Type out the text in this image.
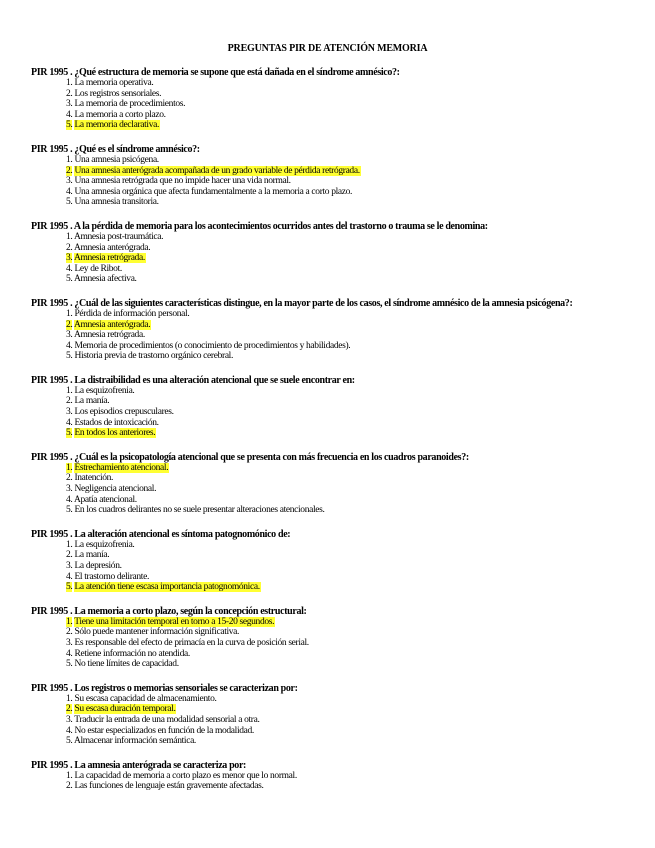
PREGUNTAS PIR DE ATENCIÓN MEMORIA

PIR 1995 . ¿Qué estructura de memoria se supone que está dañada en el síndrome amnésico?:

1. La memoria operativa.
2. Los registros sensoriales.
3. La memoria de procedimientos.
4. La memoria a corto plazo.
5. La memoria declarativa.

PIR 1995 . ¿Qué es el síndrome amnésico?:

1. Una amnesia psicógena.
2. Una amnesia anterógrada acompañada de un grado variable de pérdida retrógrada.
3. Una amnesia retrógrada que no impide hacer una vida normal.
4. Una amnesia orgánica que afecta fundamentalmente a la memoria a corto plazo.
5. Una amnesia transitoria.

PIR 1995 . A la pérdida de memoria para los acontecimientos ocurridos antes del trastorno o trauma se le denomina:

1. Amnesia post-traumática.
2. Amnesia anterógrada.
3. Amnesia retrógrada.
4. Ley de Ribot.
5. Amnesia afectiva.

PIR 1995 . ¿Cuál de las siguientes características distingue, en la mayor parte de los casos, el síndrome amnésico de la amnesia psicógena?:

1. Pérdida de información personal.
2. Amnesia anterógrada.
3. Amnesia retrógrada.
4. Memoria de procedimientos (o conocimiento de procedimientos y habilidades).
5. Historia previa de trastorno orgánico cerebral.

PIR 1995 . La distraibilidad es una alteración atencional que se suele encontrar en:

1. La esquizofrenia.
2. La manía.
3. Los episodios crepusculares.
4. Estados de intoxicación.
5. En todos los anteriores.

PIR 1995 . ¿Cuál es la psicopatología atencional que se presenta con más frecuencia en los cuadros paranoides?:

1. Estrechamiento atencional.
2. Inatención.
3. Negligencia atencional.
4. Apatía atencional.
5. En los cuadros delirantes no se suele presentar alteraciones atencionales.

PIR 1995 . La alteración atencional es síntoma patognomónico de:

1. La esquizofrenia.
2. La manía.
3. La depresión.
4. El trastorno delirante.
5. La atención tiene escasa importancia patognomónica.

PIR 1995 . La memoria a corto plazo, según la concepción estructural:

1. Tiene una limitación temporal en torno a 15-20 segundos.
2. Sólo puede mantener información significativa.
3. Es responsable del efecto de primacía en la curva de posición serial.
4. Retiene información no atendida.
5. No tiene límites de capacidad.

PIR 1995 . Los registros o memorias sensoriales se caracterizan por:

1. Su escasa capacidad de almacenamiento.
2. Su escasa duración temporal.
3. Traducir la entrada de una modalidad sensorial a otra.
4. No estar especializados en función de la modalidad.
5. Almacenar información semántica.

PIR 1995 . La amnesia anterógrada se caracteriza por:

1. La capacidad de memoria a corto plazo es menor que lo normal.
2. Las funciones de lenguaje están gravemente afectadas.
